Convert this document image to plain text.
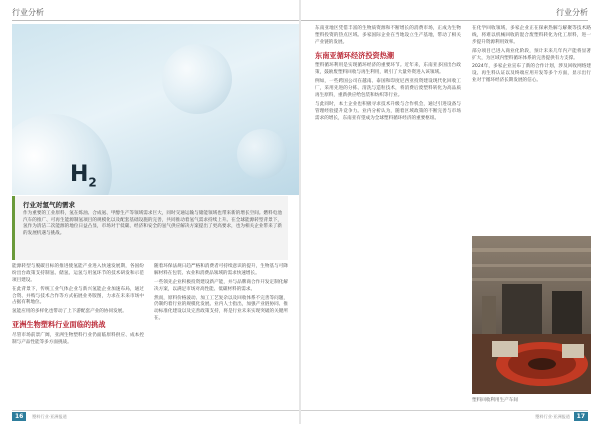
行业分析
$H_2$
行业对氢气的需求
作为重要的工业原料，氢在炼油、合成氨、甲醇生产等领域需求巨大，同时交通运输与储能领域也带来新的增长空间。燃料电池汽车的推广、可再生能源制氢项目的规模化以及配套基础设施的完善，共同推动着氢气需求持续上升。在全球能源转型背景下，氢作为清洁二次能源的地位日益凸显，市场对于低碳、经济和安全的氢气供应解决方案提出了更高要求，也为相关企业带来了新的发展机遇与挑战。

能源转型与脱碳目标的推进使氢能产业进入快速发展期，各国纷纷出台政策支持制氢、储氢、运氢与用氢环节的技术研发和示范项目建设。

在此背景下，传统工业气体企业与新兴氢能企业加速布局，通过合资、并购与技术合作等方式拓展业务版图，力求在未来市场中占据有利地位。

氢能应用的多样化也带动了上下游配套产业的协同发展。

亚洲生物塑料行业面临的挑战

尽管市场前景广阔，亚洲生物塑料行业仍面临原料供应、成本控制与产品性能等多方面挑战。

随着环保法规日趋严格和消费者可持续意识的提升，生物基与可降解材料在包装、农业和消费品领域的需求快速增长。

一些领先企业积极投资建设新产能，并与品牌商合作开发定制化解决方案，以满足市场对高性能、低碳材料的需求。

然而，原料价格波动、加工工艺复杂以及回收体系不完善等问题，仍制约着行业的规模化发展。业内人士指出，加强产业链协同、推动标准化建设以及完善政策支持，将是行业未来实现突破的关键所在。

16	塑料行业·亚洲报道
行业分析

东南亚地区凭借丰富的生物质资源和不断增长的消费市场，正成为生物塑料投资的热点区域。多家国际企业在当地设立生产基地，带动了相关产业链的发展。

东南亚循环经济投资热潮

塑料循环利用是实现循环经济的重要环节。近年来，东南亚多国出台政策，鼓励废塑料回收与再生利用，吸引了大量外资进入该领域。

例如，一些跨国公司在越南、泰国和印度尼西亚投资建设现代化回收工厂，采用先进的分拣、清洗与造粒技术，将消费后废塑料转化为高品质再生原料，重新供应给包装和纺织等行业。

与此同时，本土企业也积极寻求技术升级与合作机会，通过引进设备与管理经验提升竞争力。业内分析认为，随着区域政策的不断完善与市场需求的增长，东南亚有望成为全球塑料循环经济的重要枢纽。

在化学回收领域，多家企业正在探索热解与解聚等技术路线，将难以机械回收的混合废塑料转化为化工原料，进一步提升资源利用效率。

部分项目已进入商业化阶段，预计未来几年内产能将显著扩大，为区域内塑料循环体系的完善提供有力支撑。

2024年，多家企业宣布了新的合作计划，涉及回收网络建设、再生料认证以及终端应用开发等多个方面，显示出行业对于循环经济长期发展的信心。

塑料回收利用生产车间
塑料行业·亚洲报道	17
